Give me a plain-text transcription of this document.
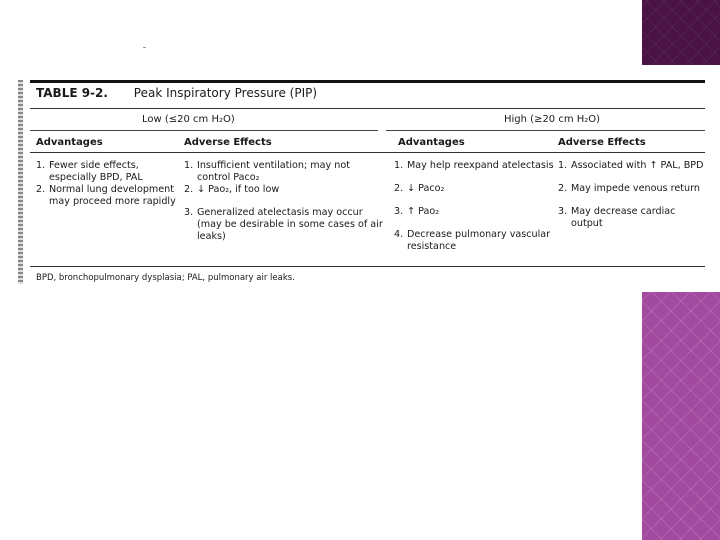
TABLE 9-2. Peak Inspiratory Pressure (PIP)
Low (≤20 cm H₂O)	High (≥20 cm H₂O)
Advantages	Adverse Effects	Advantages	Adverse Effects
1. Fewer side effects, especially BPD, PAL
2. Normal lung development may proceed more rapidly
1. Insufficient ventilation; may not control Paco₂
2. ↓ Pao₂, if too low
3. Generalized atelectasis may occur (may be desirable in some cases of air leaks)
1. May help reexpand atelectasis
2. ↓ Paco₂
3. ↑ Pao₂
4. Decrease pulmonary vascular resistance
1. Associated with ↑ PAL, BPD
2. May impede venous return
3. May decrease cardiac output
BPD, bronchopulmonary dysplasia; PAL, pulmonary air leaks.
